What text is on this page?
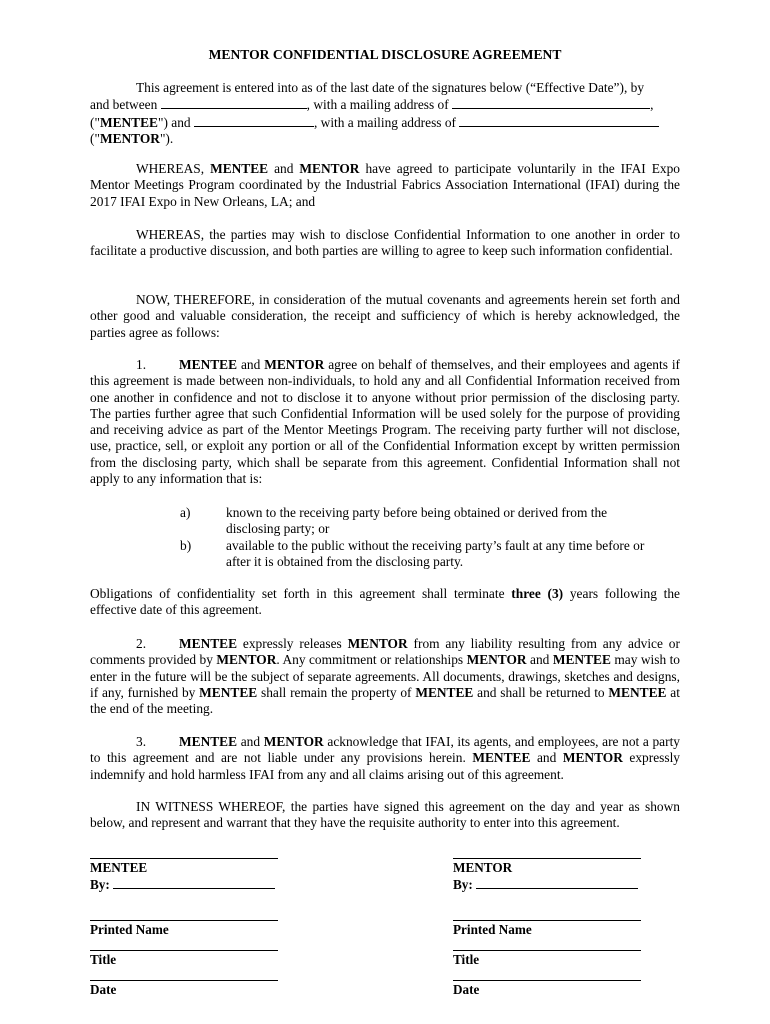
MENTOR CONFIDENTIAL DISCLOSURE AGREEMENT
This agreement is entered into as of the last date of the signatures below (“Effective Date”), by
and between	, with a mailing address of	,
("MENTEE") and	, with a mailing address of
("MENTOR").
WHEREAS, MENTEE and MENTOR have agreed to participate voluntarily in the IFAI Expo Mentor Meetings Program coordinated by the Industrial Fabrics Association International (IFAI) during the 2017 IFAI Expo in New Orleans, LA; and
WHEREAS, the parties may wish to disclose Confidential Information to one another in order to facilitate a productive discussion, and both parties are willing to agree to keep such information confidential.
NOW, THEREFORE, in consideration of the mutual covenants and agreements herein set forth and other good and valuable consideration, the receipt and sufficiency of which is hereby acknowledged, the parties agree as follows:
1. MENTEE and MENTOR agree on behalf of themselves, and their employees and agents if this agreement is made between non-individuals, to hold any and all Confidential Information received from one another in confidence and not to disclose it to anyone without prior permission of the disclosing party. The parties further agree that such Confidential Information will be used solely for the purpose of providing and receiving advice as part of the Mentor Meetings Program. The receiving party further will not disclose, use, practice, sell, or exploit any portion or all of the Confidential Information except by written permission from the disclosing party, which shall be separate from this agreement. Confidential Information shall not apply to any information that is:
a)	known to the receiving party before being obtained or derived from the disclosing party; or
b)	available to the public without the receiving party’s fault at any time before or after it is obtained from the disclosing party.
Obligations of confidentiality set forth in this agreement shall terminate three (3) years following the effective date of this agreement.
2. MENTEE expressly releases MENTOR from any liability resulting from any advice or comments provided by MENTOR. Any commitment or relationships MENTOR and MENTEE may wish to enter in the future will be the subject of separate agreements. All documents, drawings, sketches and designs, if any, furnished by MENTEE shall remain the property of MENTEE and shall be returned to MENTEE at the end of the meeting.
3. MENTEE and MENTOR acknowledge that IFAI, its agents, and employees, are not a party to this agreement and are not liable under any provisions herein. MENTEE and MENTOR expressly indemnify and hold harmless IFAI from any and all claims arising out of this agreement.
IN WITNESS WHEREOF, the parties have signed this agreement on the day and year as shown below, and represent and warrant that they have the requisite authority to enter into this agreement.
MENTEE
By:
Printed Name
Title
Date
MENTOR
By:
Printed Name
Title
Date
